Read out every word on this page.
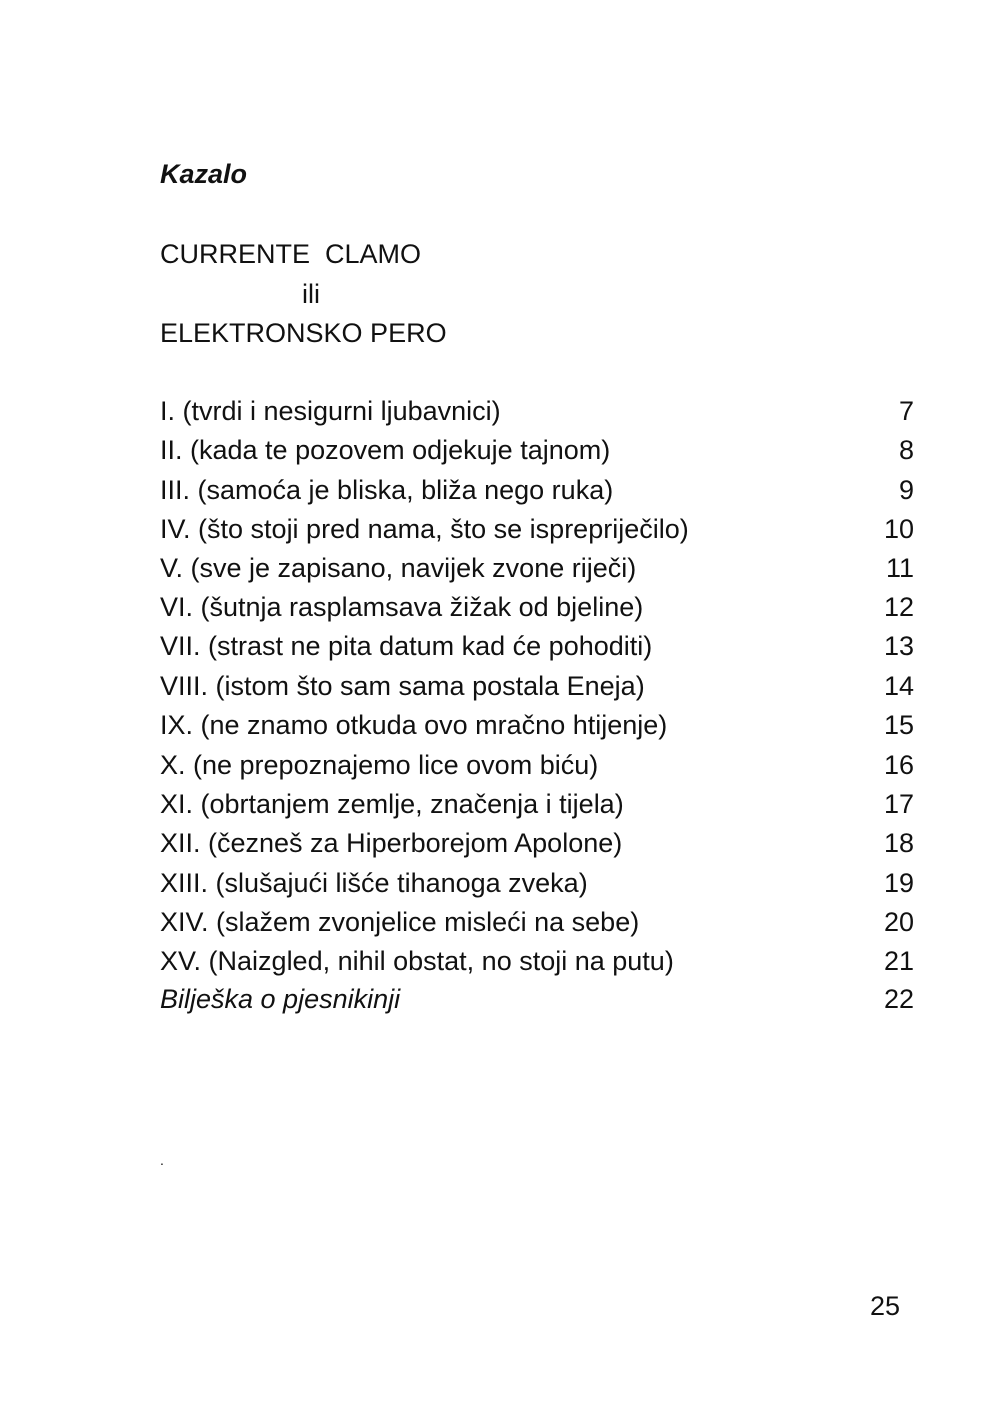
Kazalo
CURRENTE  CLAMO
ili
ELEKTRONSKO PERO
I. (tvrdi i nesigurni ljubavnici)	7
II. (kada te pozovem odjekuje tajnom)	8
III. (samoća je bliska, bliža nego ruka)	9
IV. (što stoji pred nama, što se isprepriječilo)	10
V. (sve je zapisano, navijek zvone riječi)	11
VI. (šutnja rasplamsava žižak od bjeline)	12
VII. (strast ne pita datum kad će pohoditi)	13
VIII. (istom što sam sama postala Eneja)	14
IX. (ne znamo otkuda ovo mračno htijenje)	15
X. (ne prepoznajemo lice ovom biću)	16
XI. (obrtanjem zemlje, značenja i tijela)	17
XII. (čezneš za Hiperborejom Apolone)	18
XIII. (slušajući lišće tihanoga zveka)	19
XIV. (slažem zvonjelice misleći na sebe)	20
XV. (Naizgled, nihil obstat, no stoji na putu)	21
Bilješka o pjesnikinji	22
.
25
